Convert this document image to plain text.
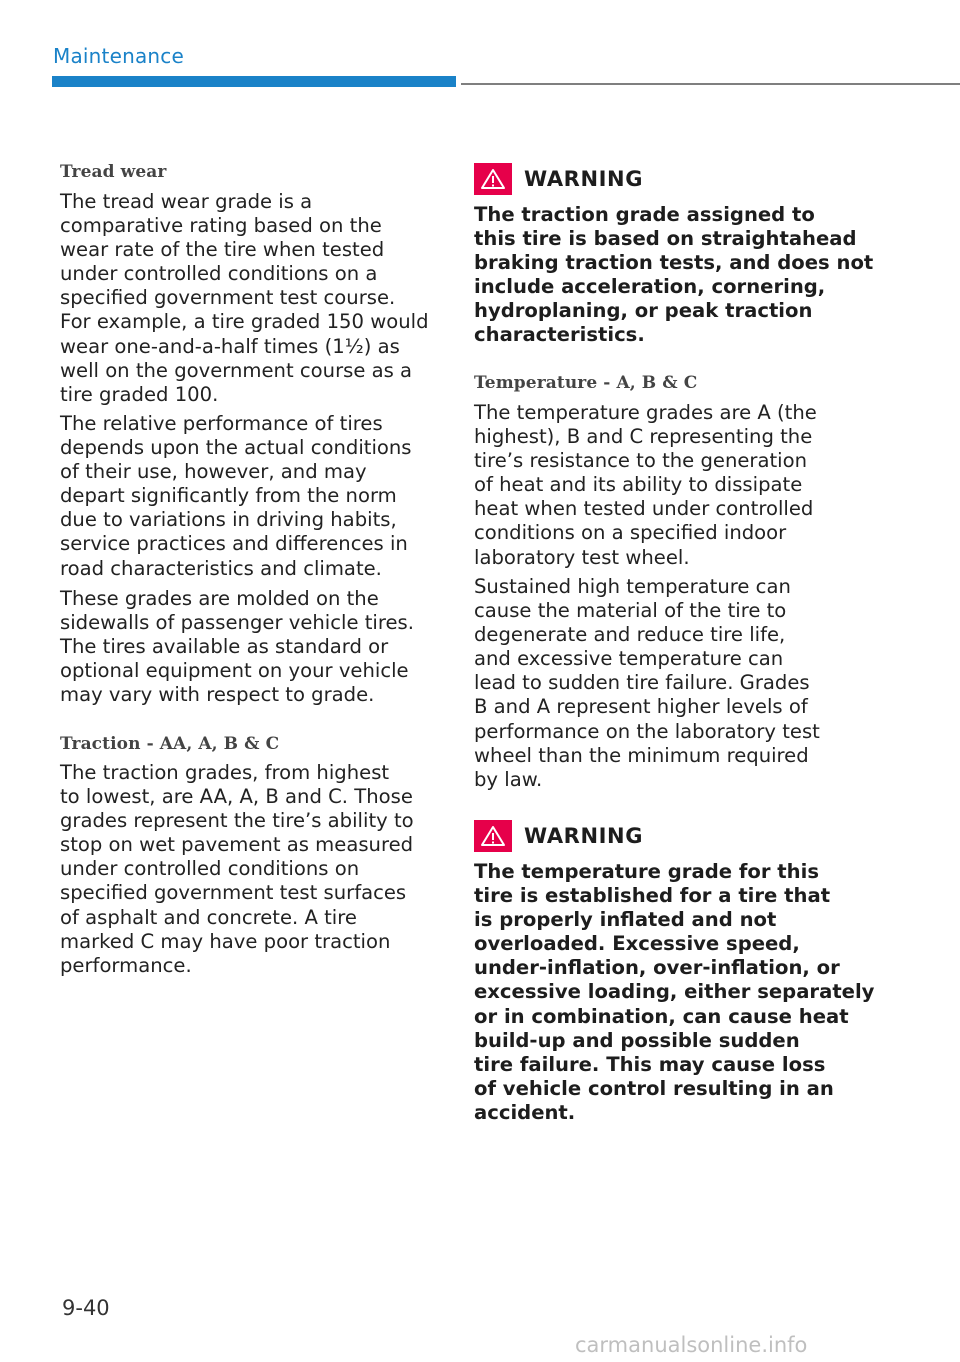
Maintenance
Tread wear

The tread wear grade is a
comparative rating based on the
wear rate of the tire when tested
under controlled conditions on a
specified government test course.
For example, a tire graded 150 would
wear one-and-a-half times (1½) as
well on the government course as a
tire graded 100.

The relative performance of tires
depends upon the actual conditions
of their use, however, and may
depart significantly from the norm
due to variations in driving habits,
service practices and differences in
road characteristics and climate.

These grades are molded on the
sidewalls of passenger vehicle tires.
The tires available as standard or
optional equipment on your vehicle
may vary with respect to grade.

Traction - AA, A, B & C

The traction grades, from highest
to lowest, are AA, A, B and C. Those
grades represent the tire’s ability to
stop on wet pavement as measured
under controlled conditions on
specified government test surfaces
of asphalt and concrete. A tire
marked C may have poor traction
performance.

WARNING

The traction grade assigned to
this tire is based on straightahead
braking traction tests, and does not
include acceleration, cornering,
hydroplaning, or peak traction
characteristics.

Temperature - A, B & C

The temperature grades are A (the
highest), B and C representing the
tire’s resistance to the generation
of heat and its ability to dissipate
heat when tested under controlled
conditions on a specified indoor
laboratory test wheel.

Sustained high temperature can
cause the material of the tire to
degenerate and reduce tire life,
and excessive temperature can
lead to sudden tire failure. Grades
B and A represent higher levels of
performance on the laboratory test
wheel than the minimum required
by law.

WARNING

The temperature grade for this
tire is established for a tire that
is properly inflated and not
overloaded. Excessive speed,
under-inflation, over-inflation, or
excessive loading, either separately
or in combination, can cause heat
build-up and possible sudden
tire failure. This may cause loss
of vehicle control resulting in an
accident.

9-40
carmanualsonline.info
